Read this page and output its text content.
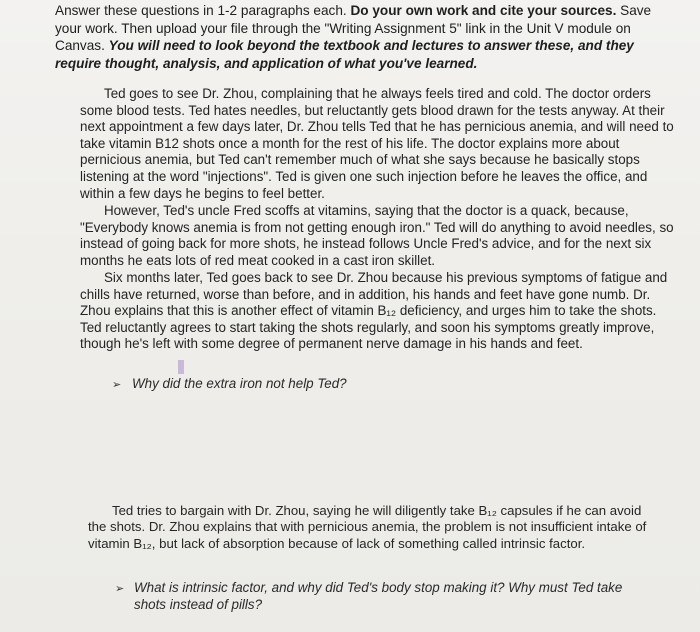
Answer these questions in 1-2 paragraphs each. Do your own work and cite your sources. Save your work. Then upload your file through the "Writing Assignment 5" link in the Unit V module on Canvas. You will need to look beyond the textbook and lectures to answer these, and they require thought, analysis, and application of what you've learned.

Ted goes to see Dr. Zhou, complaining that he always feels tired and cold. The doctor orders some blood tests. Ted hates needles, but reluctantly gets blood drawn for the tests anyway. At their next appointment a few days later, Dr. Zhou tells Ted that he has pernicious anemia, and will need to take vitamin B12 shots once a month for the rest of his life. The doctor explains more about pernicious anemia, but Ted can't remember much of what she says because he basically stops listening at the word "injections". Ted is given one such injection before he leaves the office, and within a few days he begins to feel better.

However, Ted's uncle Fred scoffs at vitamins, saying that the doctor is a quack, because, "Everybody knows anemia is from not getting enough iron." Ted will do anything to avoid needles, so instead of going back for more shots, he instead follows Uncle Fred's advice, and for the next six months he eats lots of red meat cooked in a cast iron skillet.

Six months later, Ted goes back to see Dr. Zhou because his previous symptoms of fatigue and chills have returned, worse than before, and in addition, his hands and feet have gone numb. Dr. Zhou explains that this is another effect of vitamin B₁₂ deficiency, and urges him to take the shots. Ted reluctantly agrees to start taking the shots regularly, and soon his symptoms greatly improve, though he's left with some degree of permanent nerve damage in his hands and feet.

➢ Why did the extra iron not help Ted?

Ted tries to bargain with Dr. Zhou, saying he will diligently take B₁₂ capsules if he can avoid the shots. Dr. Zhou explains that with pernicious anemia, the problem is not insufficient intake of vitamin B₁₂, but lack of absorption because of lack of something called intrinsic factor.

➢ What is intrinsic factor, and why did Ted's body stop making it? Why must Ted take shots instead of pills?
